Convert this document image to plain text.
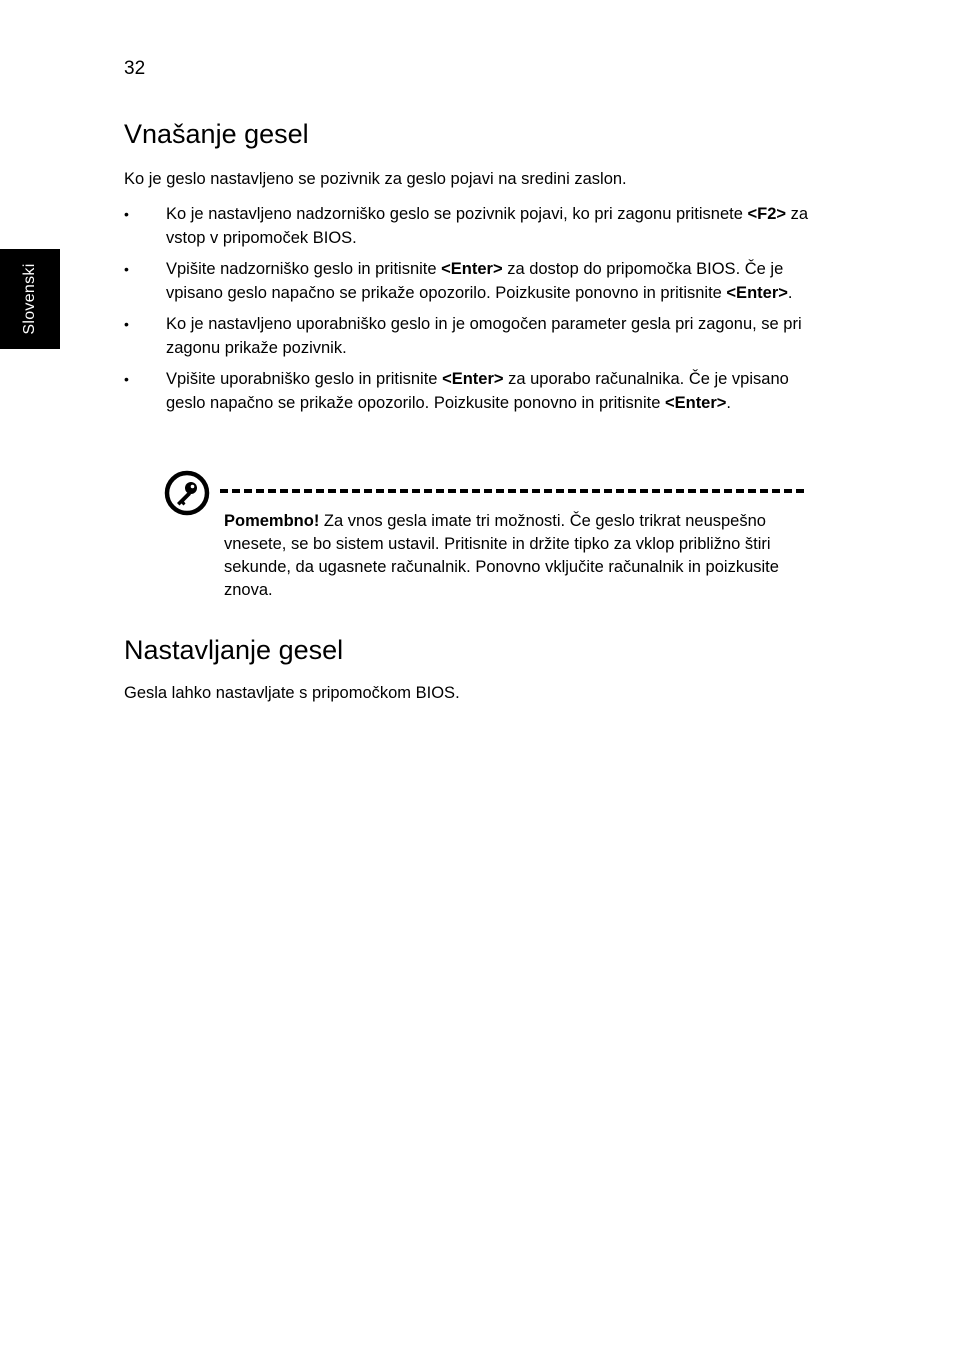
32
Slovenski
Vnašanje gesel

Ko je geslo nastavljeno se pozivnik za geslo pojavi na sredini zaslon.

• Ko je nastavljeno nadzorniško geslo se pozivnik pojavi, ko pri zagonu pritisnete <F2> za vstop v pripomoček BIOS.
• Vpišite nadzorniško geslo in pritisnite <Enter> za dostop do pripomočka BIOS. Če je vpisano geslo napačno se prikaže opozorilo. Poizkusite ponovno in pritisnite <Enter>.
• Ko je nastavljeno uporabniško geslo in je omogočen parameter gesla pri zagonu, se pri zagonu prikaže pozivnik.
• Vpišite uporabniško geslo in pritisnite <Enter> za uporabo računalnika. Če je vpisano geslo napačno se prikaže opozorilo. Poizkusite ponovno in pritisnite <Enter>.

Pomembno! Za vnos gesla imate tri možnosti. Če geslo trikrat neuspešno vnesete, se bo sistem ustavil. Pritisnite in držite tipko za vklop približno štiri sekunde, da ugasnete računalnik. Ponovno vključite računalnik in poizkusite znova.

Nastavljanje gesel

Gesla lahko nastavljate s pripomočkom BIOS.
